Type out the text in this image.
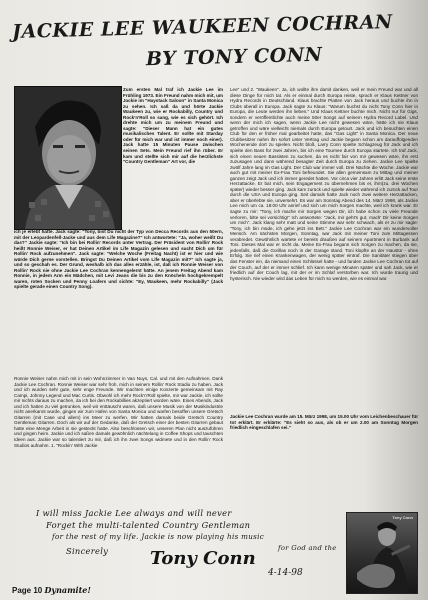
JACKIE LEE WAUKEEN COCHRAN
BY TONY CONN

Zum ersten Mal traf ich Jackie Lee im Frühling 1973. Ein Freund nahm mich mit, um Jackie im "Haystack Saloon" in Santa Monica zu sehen. Ich saß da und hörte Jackie Waukeen zu, wie er Rockabilly, Country und Rock'n'Roll so sang, wie es sich gehört. Ich drehte mich um zu meinem Freund und sagte: "Dieser Mann hat ein gutes musikalisches Talent. Er sollte mit Starday oder für mich war und ist immer noch einer). Jack hatte 15 Minuten Pause zwischen seinen Sets. Mein Freund rief ihn rüber. Er kam und stellte sich mir auf die herzlichste "Country Gentleman" Art vor, die

ich je erlebt hatte. Jack sagte: "Tony, bist Du nicht der Typ von Decca Records aus den 50ern, mit der Leopardenfell-Jacke und aus dem Life Magazine?" Ich antwortete: "Ja, woher weißt Du das?" Jackie sagte: "Ich bin bei Rollin' Records unter Vertrag. Der Präsident von Rollin' Rock heißt Ronnie Weiser, er hat Deinen Artikel im Life Magazin gelesen und sucht Dich um für Rollin' Rock aufzunehmen". Jack sagte: "Welche Woche (Freitag Nacht) ist er hier und wie würde Dich gerne vorstellen. Bringst Du Deinen Artikel vom Life Magazin mit?" Ich sagte ja, und so geschah es. Der Grund, weshalb ich das alles erzähle, ist, daß ich Ronnie Weiser von Rollin' Rock nie ohne Jackie Lee Cochran kennengelernt hätte. An jenem Freitag Abend kam Ronnie, in jedem Arm ein Mädchen, mit Levi Jeans die bis zu den Knöcheln hochgekrempelt waren, roten Socken und Penny Loafers und sichte: "Ey, Waukeen, mehr Rockabilly" (Jack spielte gerade einen Country Song).

Ronnie Weiser nahm mich mit in sein Wohnzimmer in Van Nuys, Cal. und mit den Aufnahmen. Dank Jackie Lee Cochran. Ronnie Weiser war sehr froh, mich in seinem Rollin' Rock Stadiu zu haben. Jack und ich wurden sehr gute, sehr enge Freunde. Wir machten einige Konzerte gemeinsam mit Ray Campi, Johnny Legend und Mac Curtis. Obwohl ich mehr Rock'n'Roll spielte, mir war Jackie, ich sollte mir nichts daraus zu machen, da ich bei den Rockabillies akzeptiert worden wäre. Eines Abends, Jack und ich hatten zu viel getrunken, weil wir enttäuscht waren, daß unsere Musik von der Musikindustrie nicht anerkannt wurde, gingen wir zum Hafen von Santa Monica und warfen besoffen unsere Gretsch Gitarren (mit Case und allem) ins Meer zu werfen. Wir hatten damals beide Gretsch Country Gentleman Gitarren. Doch als wir auf der Gedanke, daß der Gretsch einer der besten Gitarren gebaut hatte eine Menge Arbeit in sie gesteckt hatte. Also beschlossen wir, unseren Plan nicht auszuführen und gingen heim. Jackie und ich saßen damals gewöhnlich nächtelang in Coffee Shops und tauschten Ideen aus. Jackie war so talentiert zu mir, daß ich ihn zwei Songs widmete und in den Rollin' Rock Studios aufnahm. 1. "Rockin' With Jackie

Lee" und 2. "Waukeen". Ja, ich wollte ihm damit danken, weil er mein Freund war und all diese Dinge für mich tat. Als er einmal durch Europa reiste, sprach er Klaus Kettner von Hydra Records in Deutschland. Klaus brachte Platten von Jack heraus und buchte ihn in Clubs überall in Europa. Jack sagte zu Klaus: "Warum buchst du nicht Tony Conn hier in Europa, die Leute werden ihn lieben." Und Klaus Kettner buchte mich. Nicht nur für Gigs, sondern er veröffentlichte auch meine 50er Songs auf seinem Hydra Record Label. Und wenn der mich ich sagen, wenn Jackie Lee nicht gewesen wäre, hätte ich nie Klaus getroffen und wäre vielleicht niemals durch Europa getourt. Jack und ich besuchten einen Club für den er früher mal gearbeitet hatte, das "Gas Light" in Santa Monica. Der neue Clubbesitzer nahm ihn sofort unter Vertrag und Jackie begann schon am darauffolgenden Wochenende dort zu spielen. Nicht bloß, Larry Conn spielte Schlagzeug für Jack und ich spielte den Bass für zwei Jahren, bis ich eine Tournee durch Europa startete. Ich traf Jack, sich einen neuen Bassisten zu suchen, da es nicht fair von mir gewesen wäre, ihn erst zuzusagen und dann während besagter Zeit durch Europa zu ziehen. Jackie Lee spielte zwölf Jahre lang im Gas Light. Der Club war immer voll. Drei Nächte die Woche. Jackie war auch gut mit meiner Ex-Frau Toni befreundet. Sie allen gemeinsam zu Mittag und meiner ganzen zeigt Jack und ich immer geredet hatten. Vor circa vier Jahren erlitt Jack seine erste Herzattacke. Er bat mich, sein Engagement zu übernehmen bis er, ihm(zu. drei Wochen später) wieder besser ging. Jack kam zurück und spielte wieder während ich zurück auf Tour durch die USA und Europa ging. Seit damals hatte Jack noch zwei weitere Herzattacken, aber er überlebte sie, unversehrt. Es war am Sonntag Abend des 14. März 1998, als Jackie Lee mich um ca. 18:00 Uhr anrief und sich um mich Sorgen machte, weil ich krank war. Er sagte zu mir: "Tony, ich mache mir Sorgen wegen Dir, ich habe schon zu viele Freunde verloren, bitte sei vorsichtig!" Ich antwortete: "Jack, mir geht's gut, mach' Dir keine Sorgen um mich". Jack klang sehr matt und seine Stimme war sehr schwach, als er zu mir sagte: "Tony, ich bin müde, ich gehe jetzt ins Bett." Jackie Lee Cochran war ein wundervoller Mensch. Am nächsten Morgen, Sonntag, war Jack mit meiner Toni zum Mittagessen verabredet. Gewöhnlich wartete er bereits draußen auf seinem Apartment in Burbank auf Toni. Dieses Mal war er nicht da. Meine Ex-Frau begann sich Sorgen zu machen, da sie, jedenfalls, daß die Gorillas noch in der Garage stand. Toni klopfte an der Haustür - ohne Erfolg. Sie rief einen Krankenwagen, der wenig später eintraf. Die Sanitäter stiegen über das Fenster ein, da niemand einen Schlüssel hatte - und fanden Jackie Lee Cochran tot auf der Couch, auf der er immer schlief. Ich kann wenige Minuten später und sah Jack, wie er friedlich auf der Couch lag, mit der er im Schlaf verstorben war. Ich wurde traurig und hysterisch. Nie wieder wird das Leben für mich so werden, wie es einmal war.

Jackie Lee Cochran wurde am 15. März 1998, um 15.00 Uhr vom Leichenbeschauer für tot erklärt. Er erklärte: "Es sieht so aus, als ob er um 2.00 am Sonntag Morgen friedlich eingeschlafen sei."

I will miss Jackie Lee always and will never
Forget the multi-talented Country Gentleman
for the rest of my life. Jackie is now playing his music
for God and the
Sincerely Tony Conn
4-14-98
Tony Conn
Page 10 Dynamite!
